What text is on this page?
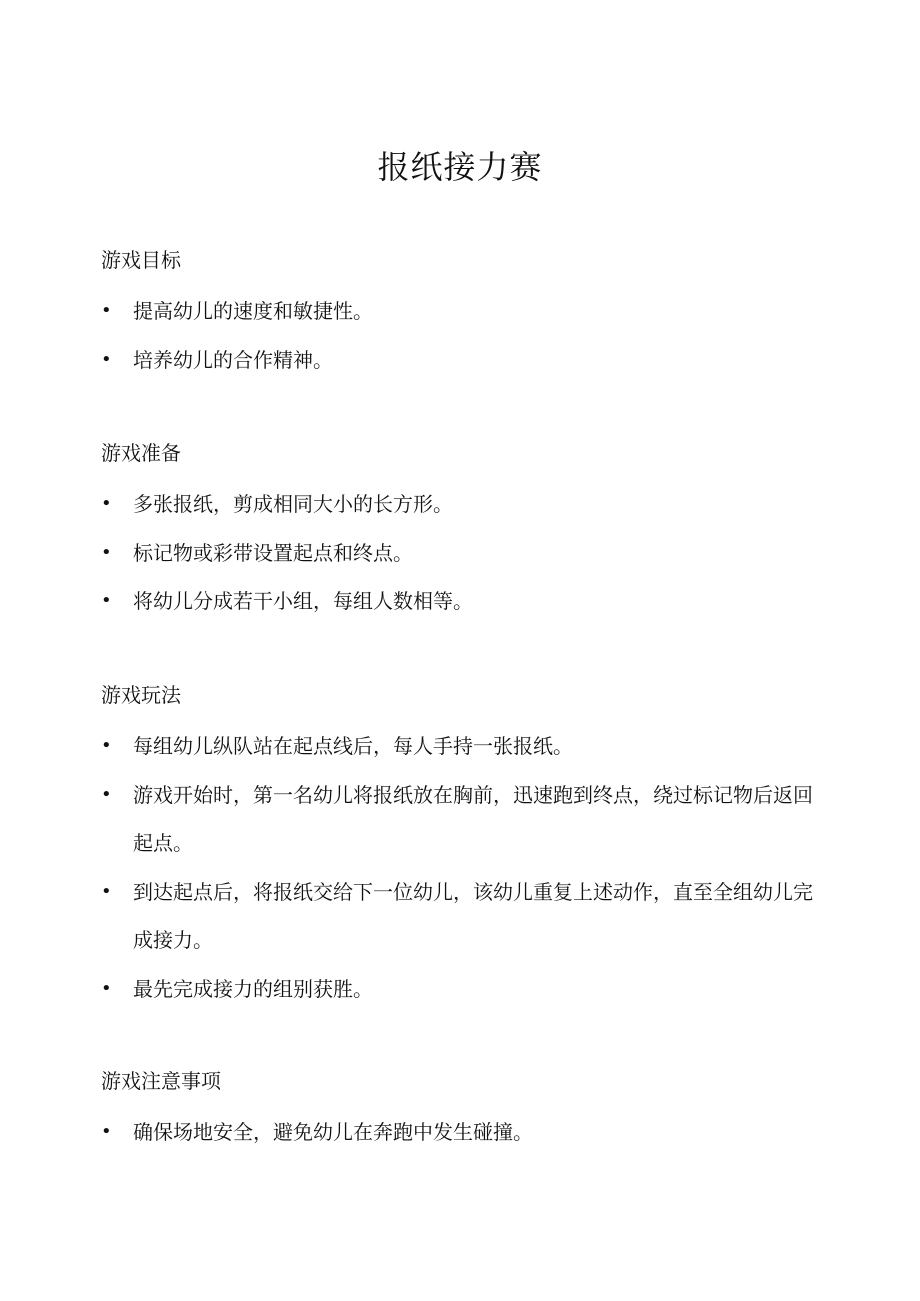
报纸接力赛
游戏目标
• 提高幼儿的速度和敏捷性。
• 培养幼儿的合作精神。
游戏准备
• 多张报纸，剪成相同大小的长方形。
• 标记物或彩带设置起点和终点。
• 将幼儿分成若干小组，每组人数相等。
游戏玩法
• 每组幼儿纵队站在起点线后，每人手持一张报纸。
• 游戏开始时，第一名幼儿将报纸放在胸前，迅速跑到终点，绕过标记物后返回起点。
• 到达起点后，将报纸交给下一位幼儿，该幼儿重复上述动作，直至全组幼儿完成接力。
• 最先完成接力的组别获胜。
游戏注意事项
• 确保场地安全，避免幼儿在奔跑中发生碰撞。
